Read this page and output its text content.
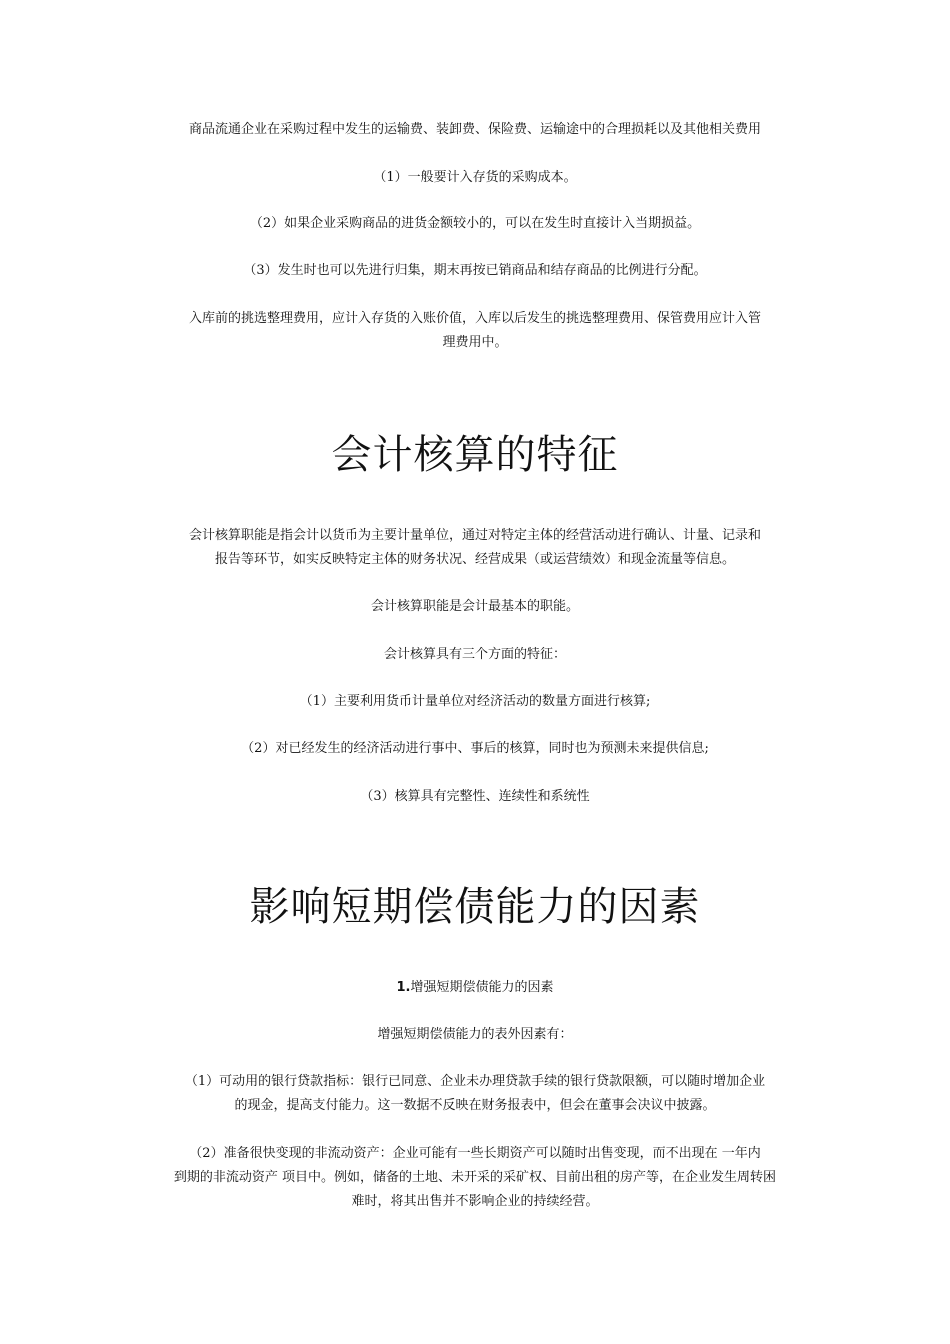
商品流通企业在采购过程中发生的运输费、装卸费、保险费、运输途中的合理损耗以及其他相关费用

（1）一般要计入存货的采购成本。

（2）如果企业采购商品的进货金额较小的，可以在发生时直接计入当期损益。

（3）发生时也可以先进行归集，期末再按已销商品和结存商品的比例进行分配。

入库前的挑选整理费用，应计入存货的入账价值，入库以后发生的挑选整理费用、保管费用应计入管

理费用中。

会计核算的特征

会计核算职能是指会计以货币为主要计量单位，通过对特定主体的经营活动进行确认、计量、记录和

报告等环节，如实反映特定主体的财务状况、经营成果（或运营绩效）和现金流量等信息。

会计核算职能是会计最基本的职能。

会计核算具有三个方面的特征：

（1）主要利用货币计量单位对经济活动的数量方面进行核算;

（2）对已经发生的经济活动进行事中、事后的核算，同时也为预测未来提供信息;

（3）核算具有完整性、连续性和系统性

影响短期偿债能力的因素

1.增强短期偿债能力的因素

增强短期偿债能力的表外因素有：

（1）可动用的银行贷款指标：银行已同意、企业未办理贷款手续的银行贷款限额，可以随时增加企业

的现金，提高支付能力。这一数据不反映在财务报表中，但会在董事会决议中披露。

（2）准备很快变现的非流动资产：企业可能有一些长期资产可以随时出售变现，而不出现在 一年内

到期的非流动资产 项目中。例如，储备的土地、未开采的采矿权、目前出租的房产等，在企业发生周转困

难时，将其出售并不影响企业的持续经营。
